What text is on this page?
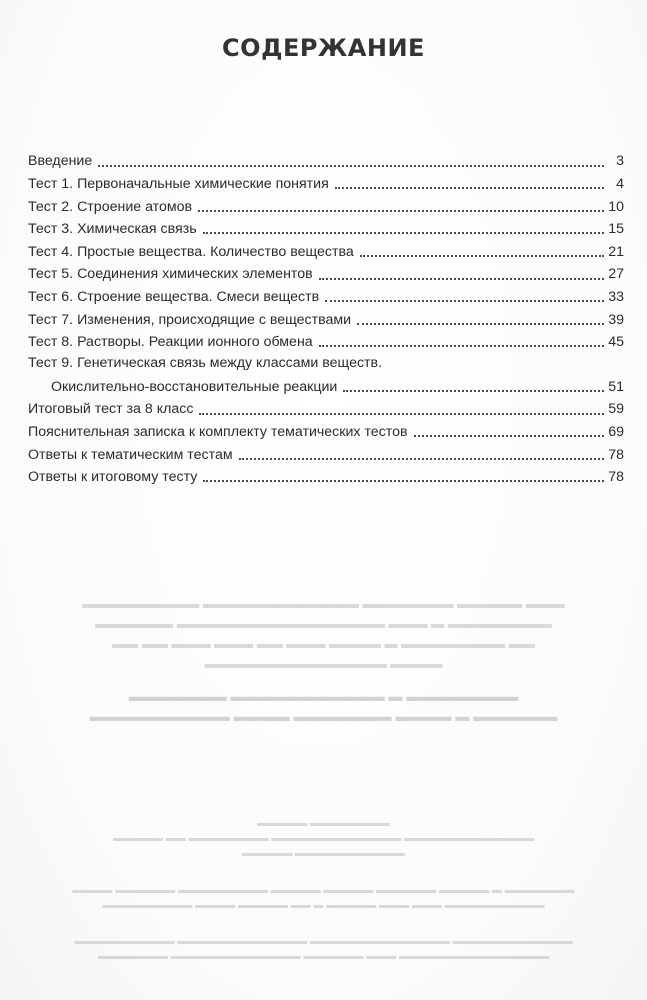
СОДЕРЖАНИЕ
▬▬▬ ▬▬▬▬▬ ▬▬▬▬▬▬▬ ▬▬▬▬▬▬▬▬▬▬▬▬ ▬▬▬▬▬▬▬▬▬
▬▬▬▬▬▬▬▬ ▬ ▬▬▬ ▬▬▬▬▬▬▬▬▬▬▬▬▬▬▬▬ ▬▬▬▬▬▬
▬▬ ▬▬▬▬▬▬▬▬ ▬ ▬▬▬▬ ▬▬▬ ▬▬ ▬▬▬ ▬▬▬ ▬▬ ▬▬
▬▬▬▬ ▬▬▬▬▬▬▬▬▬▬▬▬▬▬
▬▬▬▬▬▬▬▬ ▬ ▬▬▬▬▬▬▬▬▬▬▬ ▬▬▬▬▬▬▬
▬▬▬▬▬▬ ▬ ▬▬▬▬ ▬▬▬▬▬▬▬ ▬▬▬▬ ▬▬▬▬▬▬▬▬▬▬
▬▬▬▬▬▬▬▬ ▬▬▬▬▬
▬▬▬▬▬▬▬▬▬▬▬▬▬ ▬▬▬▬▬▬▬▬▬▬▬▬▬ ▬▬▬▬▬▬▬▬ ▬▬ ▬▬▬▬▬
▬▬▬▬▬▬▬▬▬▬▬ ▬▬▬▬▬
▬▬▬▬▬▬▬ ▬ ▬▬▬▬▬ ▬▬▬▬▬▬ ▬▬▬▬▬ ▬▬▬▬▬ ▬▬▬▬▬▬▬▬▬ ▬▬▬▬▬▬ ▬▬▬▬
▬▬▬▬▬▬▬▬▬▬ ▬▬▬ ▬▬▬ ▬▬▬▬▬ ▬ ▬▬ ▬▬▬▬▬ ▬▬▬▬ ▬▬▬▬▬▬▬▬▬
▬▬▬▬▬▬▬▬▬▬▬▬ ▬▬▬▬▬▬▬▬▬▬▬▬▬▬ ▬▬▬▬▬▬▬▬▬▬▬▬▬ ▬▬▬▬▬▬▬▬▬▬
▬▬▬▬▬▬▬▬▬▬▬▬▬▬▬ ▬▬▬ ▬▬▬▬▬▬ ▬▬▬▬▬▬▬▬▬▬▬▬▬ ▬▬▬▬▬▬▬
Введение	3
Тест 1. Первоначальные химические понятия	4
Тест 2. Строение атомов	10
Тест 3. Химическая связь	15
Тест 4. Простые вещества. Количество вещества	21
Тест 5. Соединения химических элементов	27
Тест 6. Строение вещества. Смеси веществ	33
Тест 7. Изменения, происходящие с веществами	39
Тест 8. Растворы. Реакции ионного обмена	45
Тест 9. Генетическая связь между классами веществ.
Окислительно-восстановительные реакции	51
Итоговый тест за 8 класс	59
Пояснительная записка к комплекту тематических тестов	69
Ответы к тематическим тестам	78
Ответы к итоговому тесту	78
